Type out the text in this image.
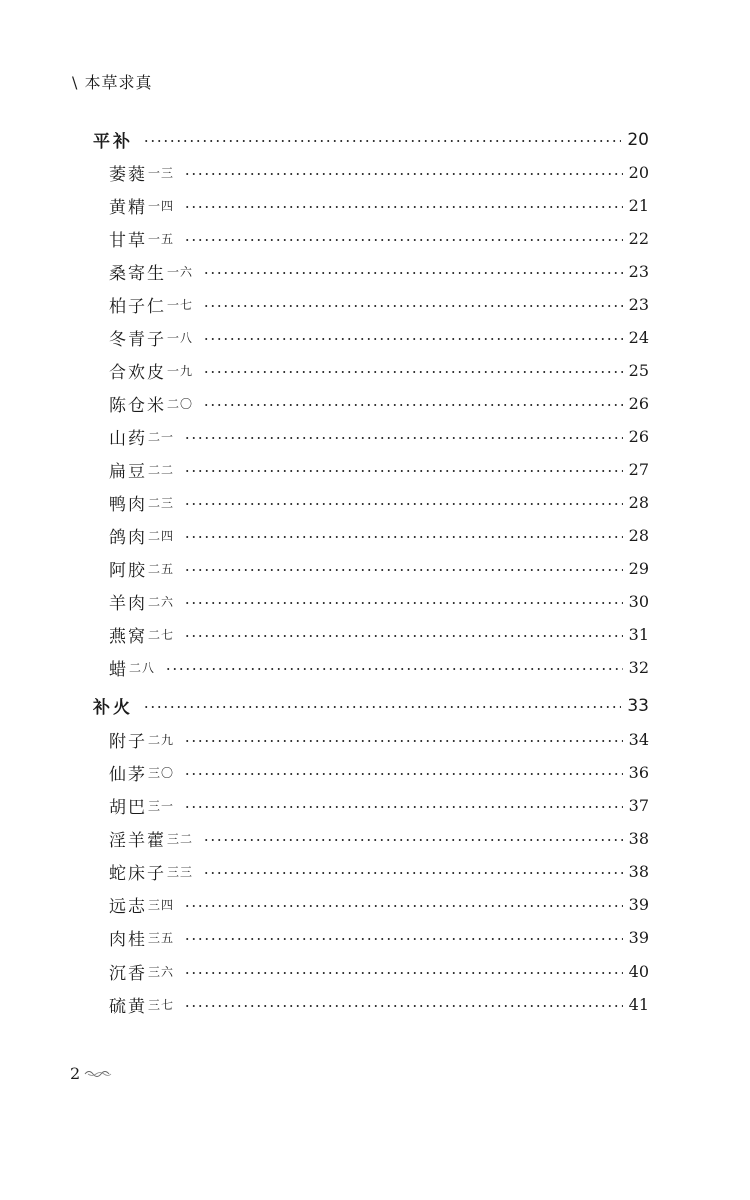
\ 本草求真
平补	20
萎蕤 一三	20
黄精 一四	21
甘草 一五	22
桑寄生 一六	23
柏子仁 一七	23
冬青子 一八	24
合欢皮 一九	25
陈仓米 二〇	26
山药 二一	26
扁豆 二二	27
鸭肉 二三	28
鸽肉 二四	28
阿胶 二五	29
羊肉 二六	30
燕窝 二七	31
蜡 二八	32
补火	33
附子 二九	34
仙茅 三〇	36
胡巴 三一	37
淫羊藿 三二	38
蛇床子 三三	38
远志 三四	39
肉桂 三五	39
沉香 三六	40
硫黄 三七	41
2
